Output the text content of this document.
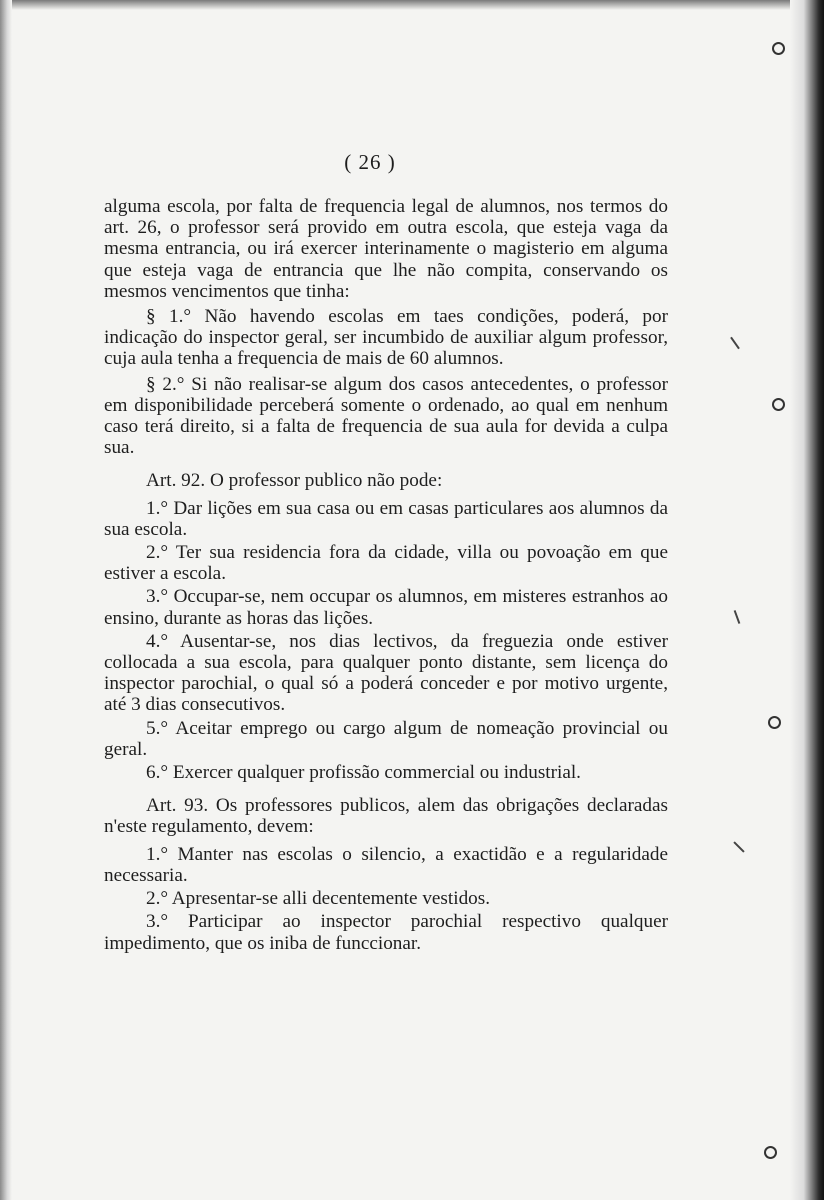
( 26 )

alguma escola, por falta de frequencia legal de alumnos, nos termos do art. 26, o professor será provido em outra escola, que esteja vaga da mesma entrancia, ou irá exercer interinamente o magisterio em alguma que esteja vaga de entrancia que lhe não compita, conservando os mesmos vencimentos que tinha:

§ 1.° Não havendo escolas em taes condições, poderá, por indicação do inspector geral, ser incumbido de auxiliar algum professor, cuja aula tenha a frequencia de mais de 60 alumnos.

§ 2.° Si não realisar-se algum dos casos antecedentes, o professor em disponibilidade perceberá somente o ordenado, ao qual em nenhum caso terá direito, si a falta de frequencia de sua aula for devida a culpa sua.

Art. 92. O professor publico não pode:

1.° Dar lições em sua casa ou em casas particulares aos alumnos da sua escola.

2.° Ter sua residencia fora da cidade, villa ou povoação em que estiver a escola.

3.° Occupar-se, nem occupar os alumnos, em misteres estranhos ao ensino, durante as horas das lições.

4.° Ausentar-se, nos dias lectivos, da freguezia onde estiver collocada a sua escola, para qualquer ponto distante, sem licença do inspector parochial, o qual só a poderá conceder e por motivo urgente, até 3 dias consecutivos.

5.° Aceitar emprego ou cargo algum de nomeação provincial ou geral.

6.° Exercer qualquer profissão commercial ou industrial.

Art. 93. Os professores publicos, alem das obrigações declaradas n'este regulamento, devem:

1.° Manter nas escolas o silencio, a exactidão e a regularidade necessaria.

2.° Apresentar-se alli decentemente vestidos.

3.° Participar ao inspector parochial respectivo qualquer impedimento, que os iniba de funccionar.
